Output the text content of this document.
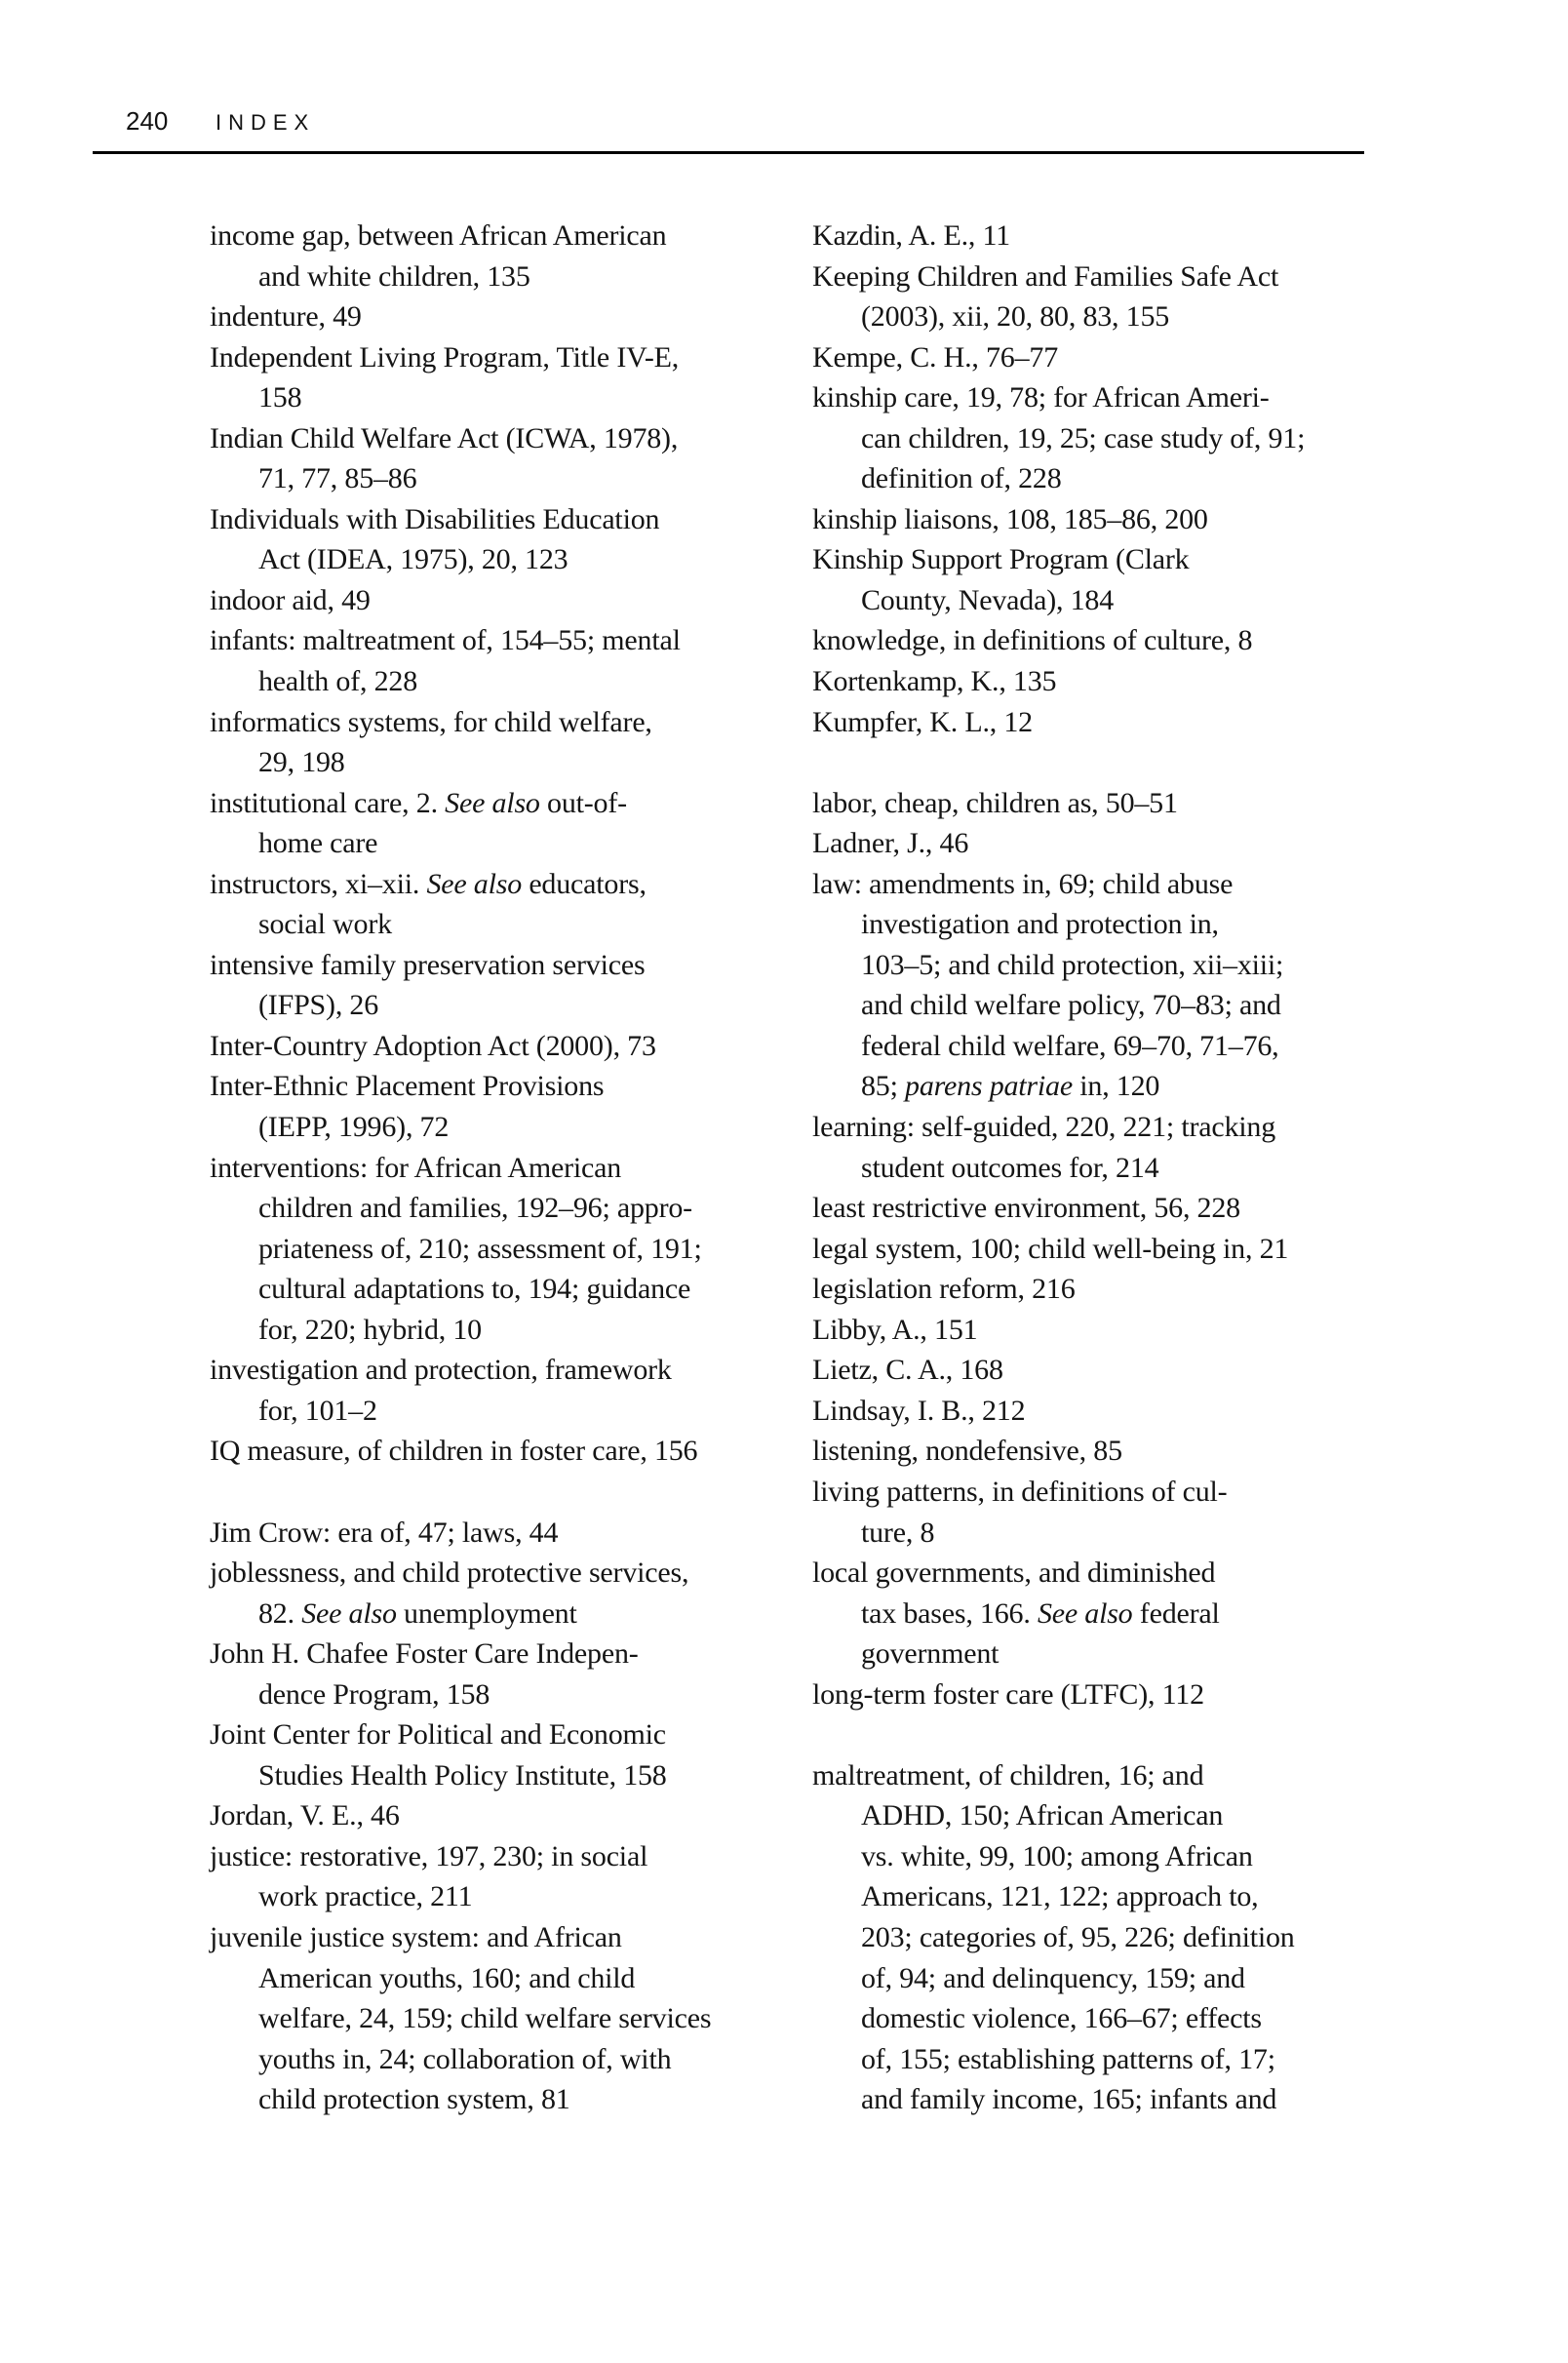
240 INDEX
income gap, between African American
and white children, 135
indenture, 49
Independent Living Program, Title IV-E,
158
Indian Child Welfare Act (ICWA, 1978),
71, 77, 85–86
Individuals with Disabilities Education
Act (IDEA, 1975), 20, 123
indoor aid, 49
infants: maltreatment of, 154–55; mental
health of, 228
informatics systems, for child welfare,
29, 198
institutional care, 2. See also out-of-
home care
instructors, xi–xii. See also educators,
social work
intensive family preservation services
(IFPS), 26
Inter-Country Adoption Act (2000), 73
Inter-Ethnic Placement Provisions
(IEPP, 1996), 72
interventions: for African American
children and families, 192–96; appro-
priateness of, 210; assessment of, 191;
cultural adaptations to, 194; guidance
for, 220; hybrid, 10
investigation and protection, framework
for, 101–2
IQ measure, of children in foster care, 156
Jim Crow: era of, 47; laws, 44
joblessness, and child protective services,
82. See also unemployment
John H. Chafee Foster Care Indepen-
dence Program, 158
Joint Center for Political and Economic
Studies Health Policy Institute, 158
Jordan, V. E., 46
justice: restorative, 197, 230; in social
work practice, 211
juvenile justice system: and African
American youths, 160; and child
welfare, 24, 159; child welfare services
youths in, 24; collaboration of, with
child protection system, 81
Kazdin, A. E., 11
Keeping Children and Families Safe Act
(2003), xii, 20, 80, 83, 155
Kempe, C. H., 76–77
kinship care, 19, 78; for African Ameri-
can children, 19, 25; case study of, 91;
definition of, 228
kinship liaisons, 108, 185–86, 200
Kinship Support Program (Clark
County, Nevada), 184
knowledge, in definitions of culture, 8
Kortenkamp, K., 135
Kumpfer, K. L., 12
labor, cheap, children as, 50–51
Ladner, J., 46
law: amendments in, 69; child abuse
investigation and protection in,
103–5; and child protection, xii–xiii;
and child welfare policy, 70–83; and
federal child welfare, 69–70, 71–76,
85; parens patriae in, 120
learning: self-guided, 220, 221; tracking
student outcomes for, 214
least restrictive environment, 56, 228
legal system, 100; child well-being in, 21
legislation reform, 216
Libby, A., 151
Lietz, C. A., 168
Lindsay, I. B., 212
listening, nondefensive, 85
living patterns, in definitions of cul-
ture, 8
local governments, and diminished
tax bases, 166. See also federal
government
long-term foster care (LTFC), 112
maltreatment, of children, 16; and
ADHD, 150; African American
vs. white, 99, 100; among African
Americans, 121, 122; approach to,
203; categories of, 95, 226; definition
of, 94; and delinquency, 159; and
domestic violence, 166–67; effects
of, 155; establishing patterns of, 17;
and family income, 165; infants and
